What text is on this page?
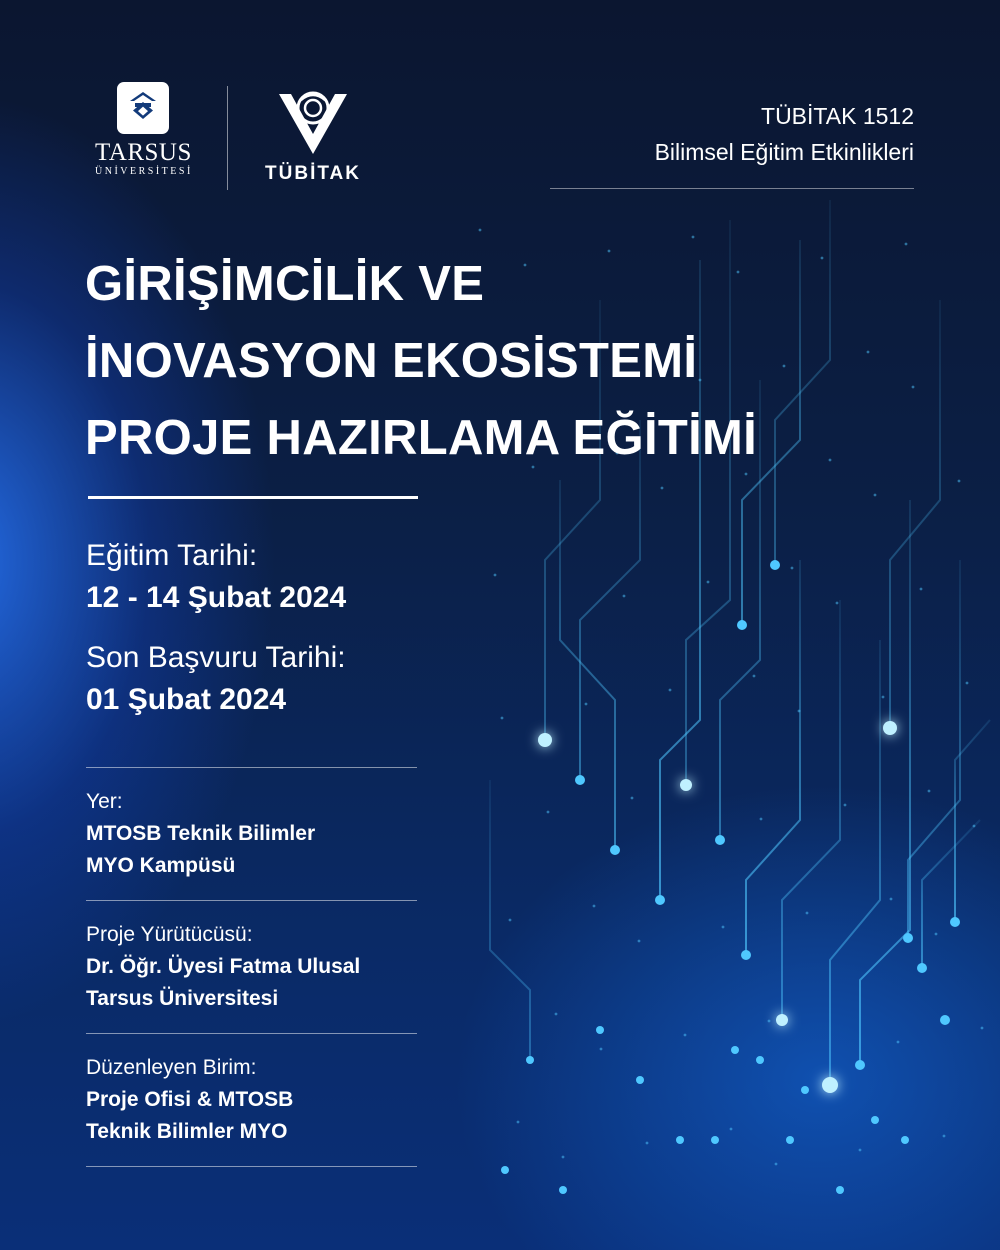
TARSUS
ÜNİVERSİTESİ	TÜBİTAK
TÜBİTAK 1512
Bilimsel Eğitim Etkinlikleri
GİRİŞİMCİLİK VE
İNOVASYON EKOSİSTEMİ
PROJE HAZIRLAMA EĞİTİMİ
Eğitim Tarihi:
12 - 14 Şubat 2024
Son Başvuru Tarihi:
01 Şubat 2024
Yer:
MTOSB Teknik Bilimler
MYO Kampüsü
Proje Yürütücüsü:
Dr. Öğr. Üyesi Fatma Ulusal
Tarsus Üniversitesi
Düzenleyen Birim:
Proje Ofisi & MTOSB
Teknik Bilimler MYO
